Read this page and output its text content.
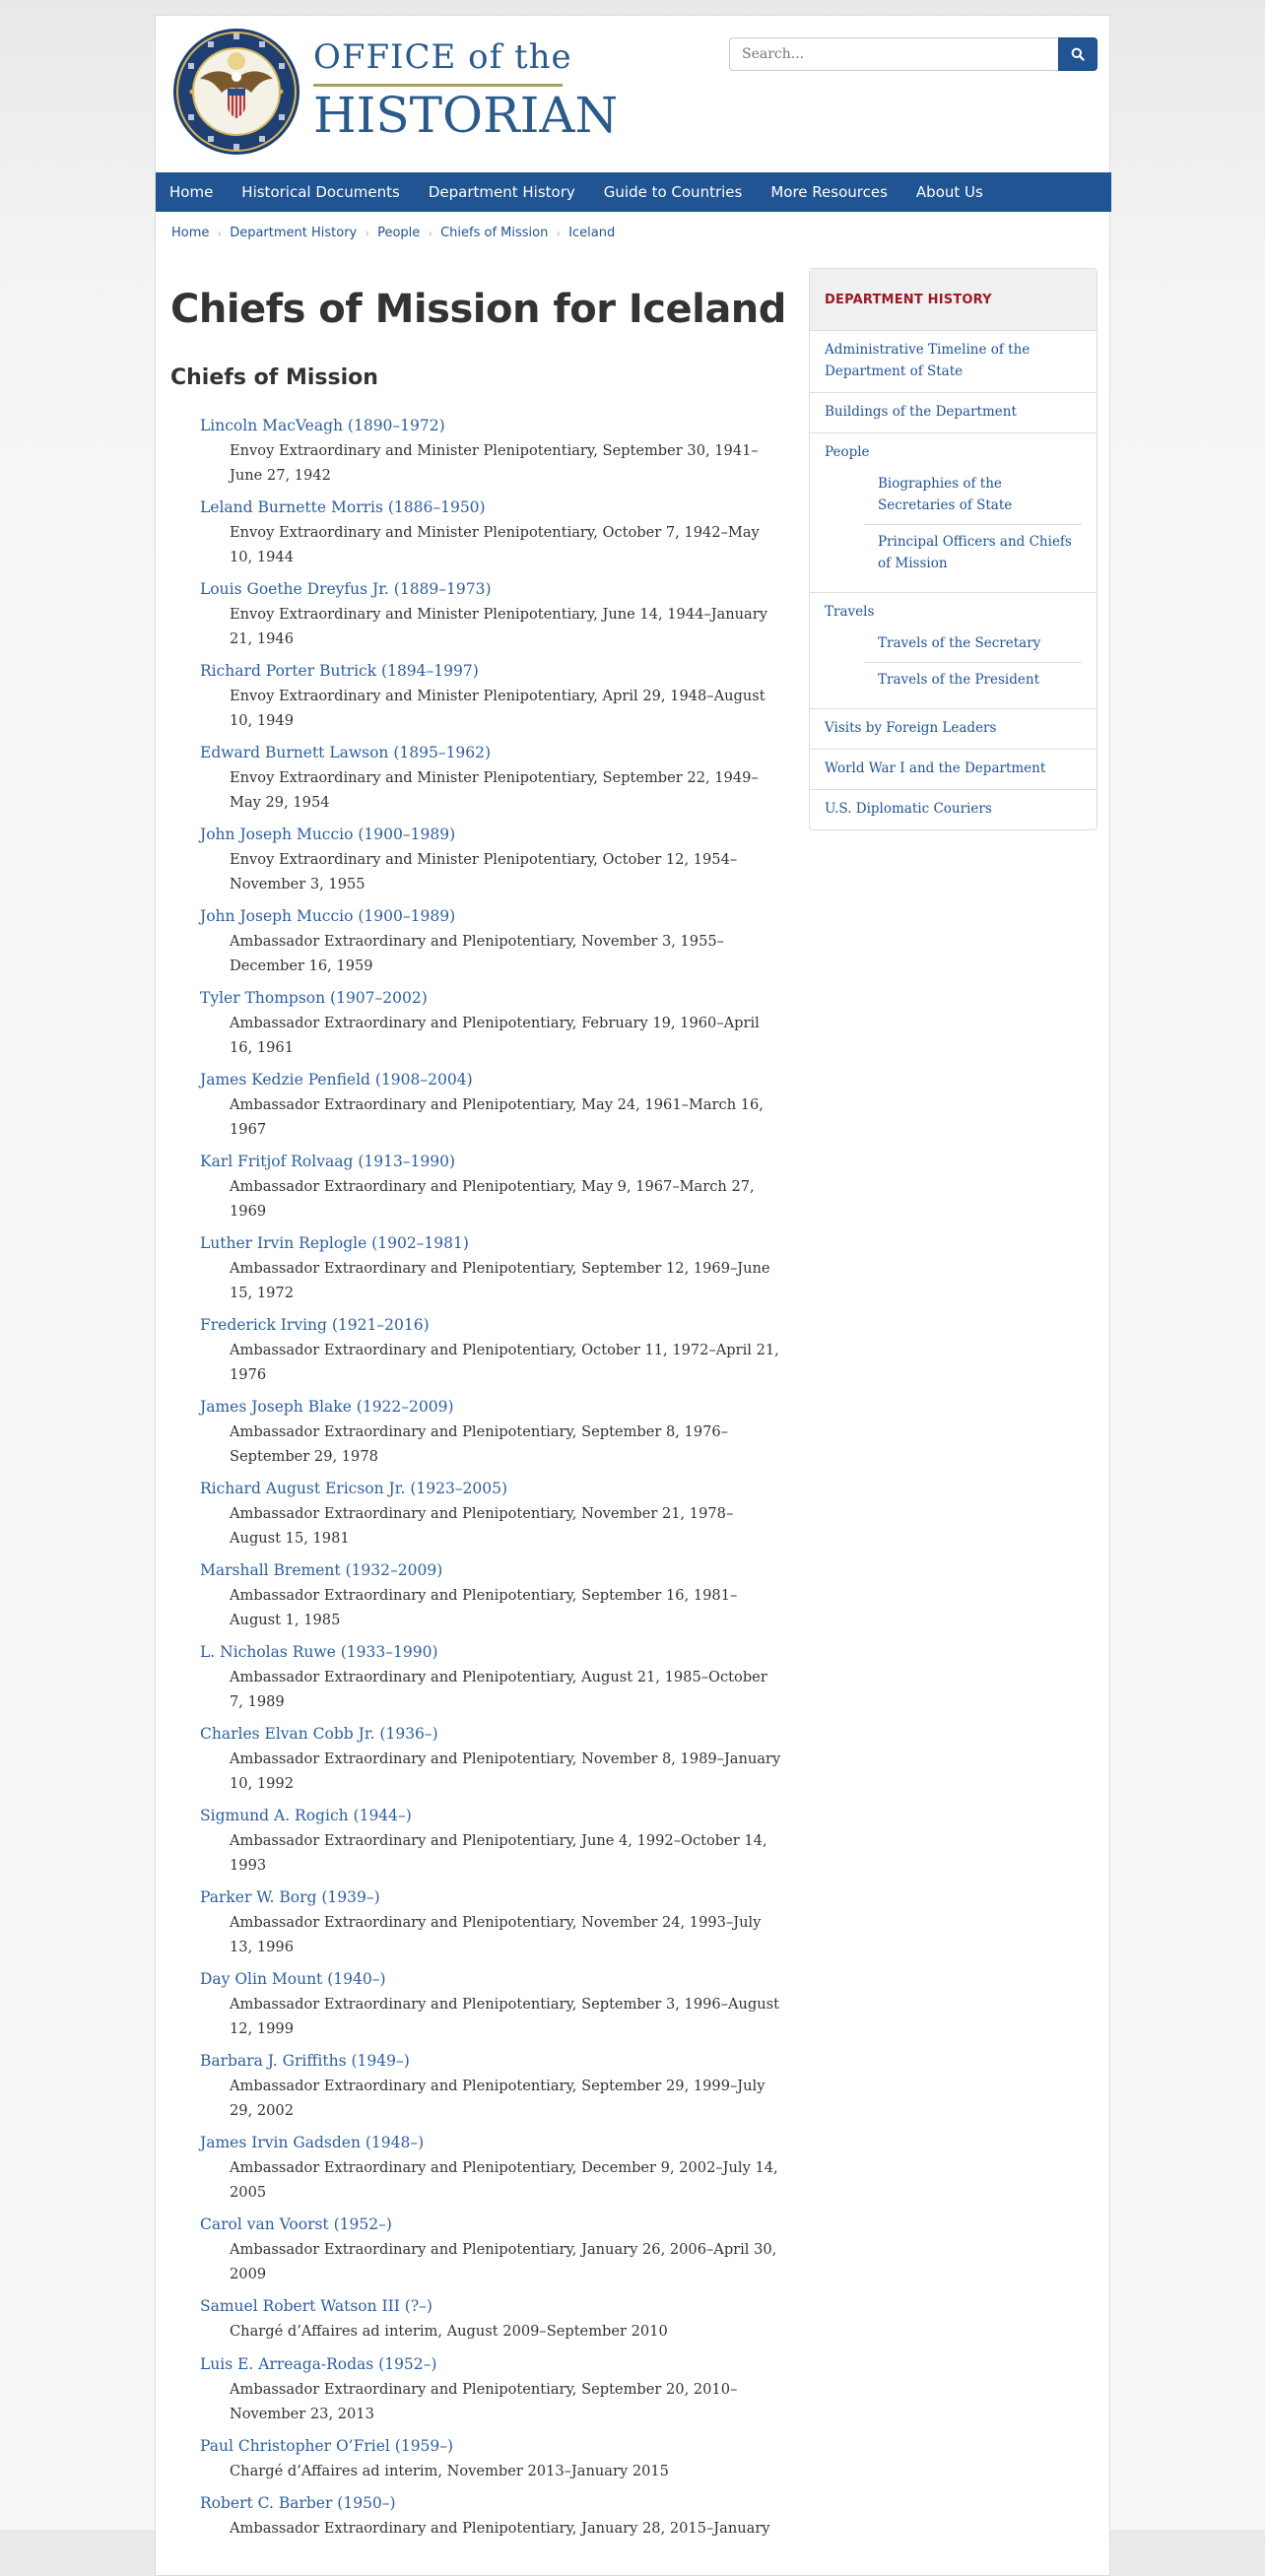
OFFICE of the
HISTORIAN
Search...
Home	Historical Documents	Department History	Guide to Countries	More Resources	About Us
Home › Department History › People › Chiefs of Mission › Iceland
Chiefs of Mission for Iceland
Chiefs of Mission
Lincoln MacVeagh (1890–1972)
Envoy Extraordinary and Minister Plenipotentiary, September 30, 1941–June 27, 1942
Leland Burnette Morris (1886–1950)
Envoy Extraordinary and Minister Plenipotentiary, October 7, 1942–May 10, 1944
Louis Goethe Dreyfus Jr. (1889–1973)
Envoy Extraordinary and Minister Plenipotentiary, June 14, 1944–January 21, 1946
Richard Porter Butrick (1894–1997)
Envoy Extraordinary and Minister Plenipotentiary, April 29, 1948–August 10, 1949
Edward Burnett Lawson (1895–1962)
Envoy Extraordinary and Minister Plenipotentiary, September 22, 1949–May 29, 1954
John Joseph Muccio (1900–1989)
Envoy Extraordinary and Minister Plenipotentiary, October 12, 1954–November 3, 1955
John Joseph Muccio (1900–1989)
Ambassador Extraordinary and Plenipotentiary, November 3, 1955–December 16, 1959
Tyler Thompson (1907–2002)
Ambassador Extraordinary and Plenipotentiary, February 19, 1960–April 16, 1961
James Kedzie Penfield (1908–2004)
Ambassador Extraordinary and Plenipotentiary, May 24, 1961–March 16, 1967
Karl Fritjof Rolvaag (1913–1990)
Ambassador Extraordinary and Plenipotentiary, May 9, 1967–March 27, 1969
Luther Irvin Replogle (1902–1981)
Ambassador Extraordinary and Plenipotentiary, September 12, 1969–June 15, 1972
Frederick Irving (1921–2016)
Ambassador Extraordinary and Plenipotentiary, October 11, 1972–April 21, 1976
James Joseph Blake (1922–2009)
Ambassador Extraordinary and Plenipotentiary, September 8, 1976–September 29, 1978
Richard August Ericson Jr. (1923–2005)
Ambassador Extraordinary and Plenipotentiary, November 21, 1978–August 15, 1981
Marshall Brement (1932–2009)
Ambassador Extraordinary and Plenipotentiary, September 16, 1981–August 1, 1985
L. Nicholas Ruwe (1933–1990)
Ambassador Extraordinary and Plenipotentiary, August 21, 1985–October 7, 1989
Charles Elvan Cobb Jr. (1936–)
Ambassador Extraordinary and Plenipotentiary, November 8, 1989–January 10, 1992
Sigmund A. Rogich (1944–)
Ambassador Extraordinary and Plenipotentiary, June 4, 1992–October 14, 1993
Parker W. Borg (1939–)
Ambassador Extraordinary and Plenipotentiary, November 24, 1993–July 13, 1996
Day Olin Mount (1940–)
Ambassador Extraordinary and Plenipotentiary, September 3, 1996–August 12, 1999
Barbara J. Griffiths (1949–)
Ambassador Extraordinary and Plenipotentiary, September 29, 1999–July 29, 2002
James Irvin Gadsden (1948–)
Ambassador Extraordinary and Plenipotentiary, December 9, 2002–July 14, 2005
Carol van Voorst (1952–)
Ambassador Extraordinary and Plenipotentiary, January 26, 2006–April 30, 2009
Samuel Robert Watson III (?–)
Chargé d’Affaires ad interim, August 2009–September 2010
Luis E. Arreaga-Rodas (1952–)
Ambassador Extraordinary and Plenipotentiary, September 20, 2010–November 23, 2013
Paul Christopher O’Friel (1959–)
Chargé d’Affaires ad interim, November 2013–January 2015
Robert C. Barber (1950–)
Ambassador Extraordinary and Plenipotentiary, January 28, 2015–January
DEPARTMENT HISTORY
Administrative Timeline of the Department of State
Buildings of the Department
People
Biographies of the Secretaries of State
Principal Officers and Chiefs of Mission
Travels
Travels of the Secretary
Travels of the President
Visits by Foreign Leaders
World War I and the Department
U.S. Diplomatic Couriers
